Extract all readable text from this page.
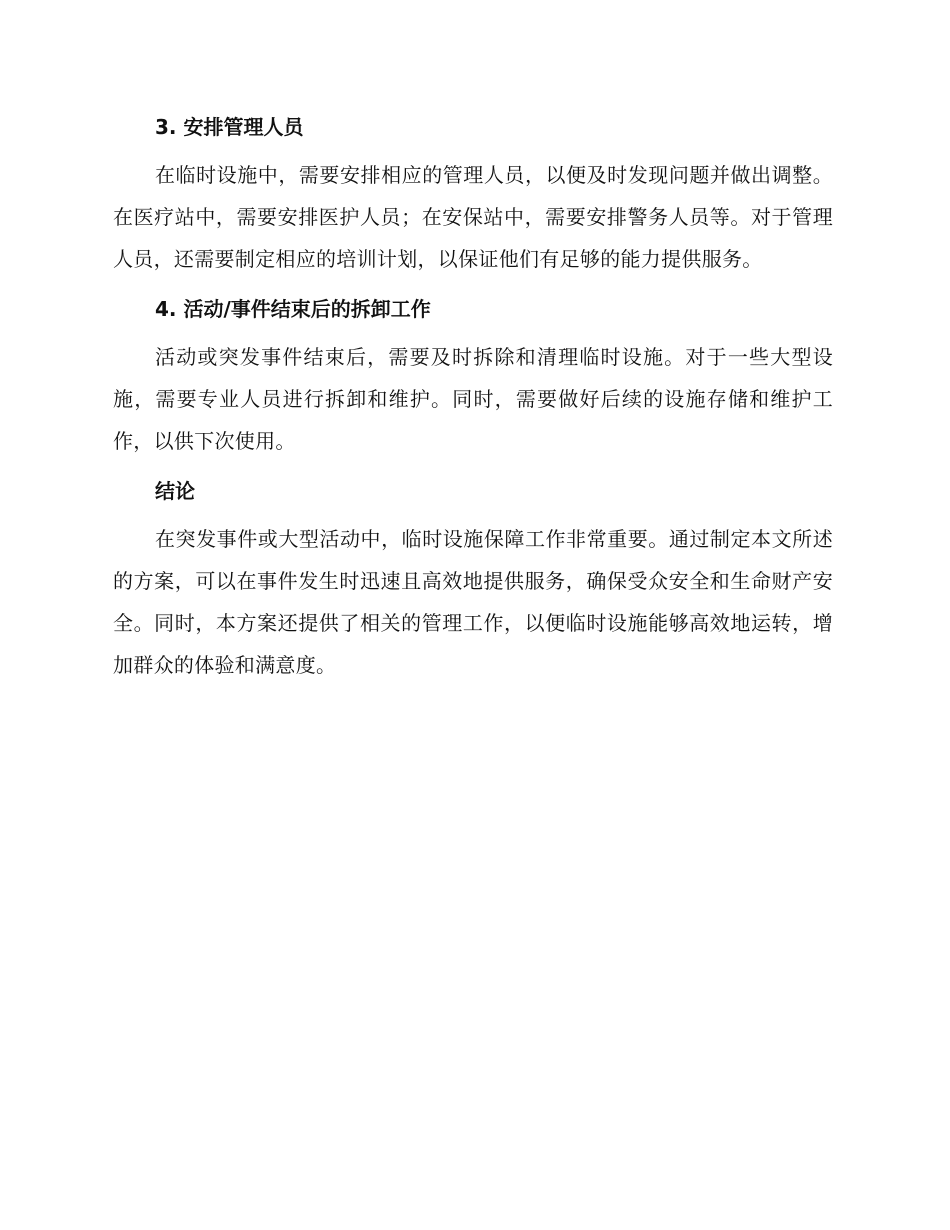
3. 安排管理人员

在临时设施中，需要安排相应的管理人员，以便及时发现问题并做出调整。在医疗站中，需要安排医护人员；在安保站中，需要安排警务人员等。对于管理人员，还需要制定相应的培训计划，以保证他们有足够的能力提供服务。

4. 活动/事件结束后的拆卸工作

活动或突发事件结束后，需要及时拆除和清理临时设施。对于一些大型设施，需要专业人员进行拆卸和维护。同时，需要做好后续的设施存储和维护工作，以供下次使用。

结论

在突发事件或大型活动中，临时设施保障工作非常重要。通过制定本文所述的方案，可以在事件发生时迅速且高效地提供服务，确保受众安全和生命财产安全。同时，本方案还提供了相关的管理工作，以便临时设施能够高效地运转，增加群众的体验和满意度。
